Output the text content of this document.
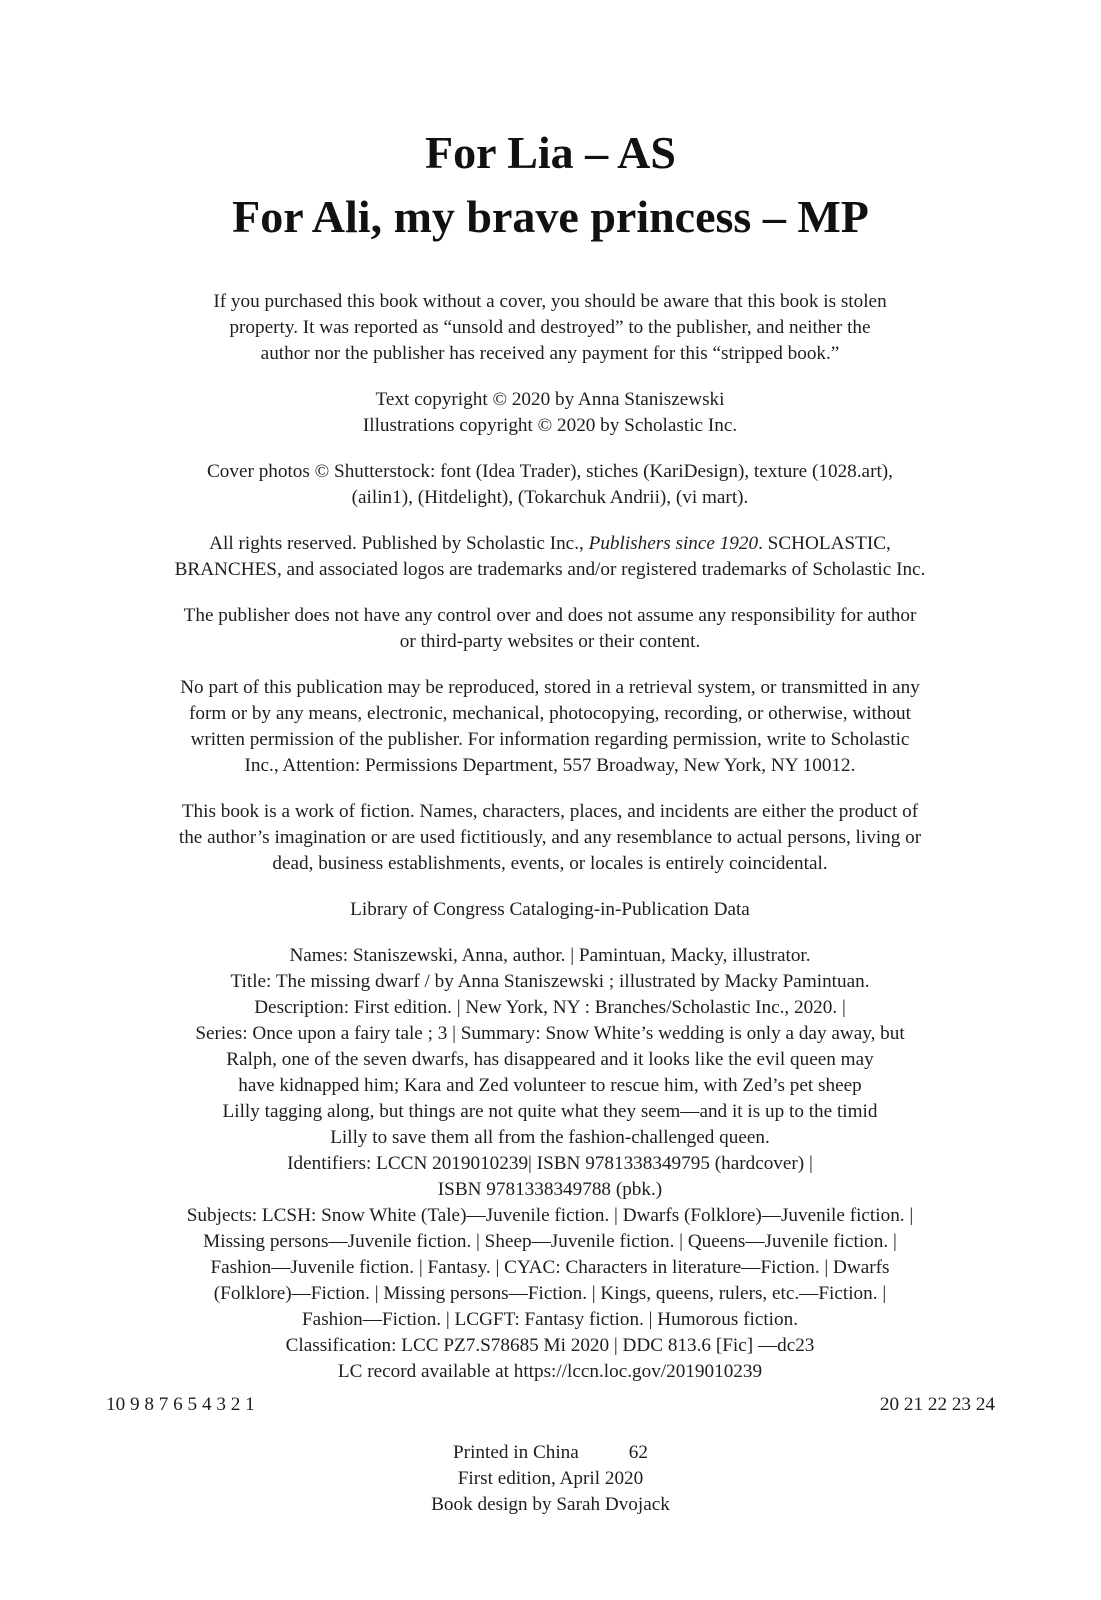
For Lia – AS
For Ali, my brave princess – MP

If you purchased this book without a cover, you should be aware that this book is stolen
property. It was reported as “unsold and destroyed” to the publisher, and neither the
author nor the publisher has received any payment for this “stripped book.”

Text copyright © 2020 by Anna Staniszewski
Illustrations copyright © 2020 by Scholastic Inc.

Cover photos © Shutterstock: font (Idea Trader), stiches (KariDesign), texture (1028.art),
(ailin1), (Hitdelight), (Tokarchuk Andrii), (vi mart).

All rights reserved. Published by Scholastic Inc., Publishers since 1920. SCHOLASTIC,
BRANCHES, and associated logos are trademarks and/or registered trademarks of Scholastic Inc.

The publisher does not have any control over and does not assume any responsibility for author
or third-party websites or their content.

No part of this publication may be reproduced, stored in a retrieval system, or transmitted in any
form or by any means, electronic, mechanical, photocopying, recording, or otherwise, without
written permission of the publisher. For information regarding permission, write to Scholastic
Inc., Attention: Permissions Department, 557 Broadway, New York, NY 10012.

This book is a work of fiction. Names, characters, places, and incidents are either the product of
the author’s imagination or are used fictitiously, and any resemblance to actual persons, living or
dead, business establishments, events, or locales is entirely coincidental.

Library of Congress Cataloging-in-Publication Data

Names: Staniszewski, Anna, author. | Pamintuan, Macky, illustrator.
Title: The missing dwarf / by Anna Staniszewski ; illustrated by Macky Pamintuan.
Description: First edition. | New York, NY : Branches/Scholastic Inc., 2020. |
Series: Once upon a fairy tale ; 3 | Summary: Snow White’s wedding is only a day away, but
Ralph, one of the seven dwarfs, has disappeared and it looks like the evil queen may
have kidnapped him; Kara and Zed volunteer to rescue him, with Zed’s pet sheep
Lilly tagging along, but things are not quite what they seem—and it is up to the timid
Lilly to save them all from the fashion-challenged queen.
Identifiers: LCCN 2019010239| ISBN 9781338349795 (hardcover) |
ISBN 9781338349788 (pbk.)
Subjects: LCSH: Snow White (Tale)—Juvenile fiction. | Dwarfs (Folklore)—Juvenile fiction. |
Missing persons—Juvenile fiction. | Sheep—Juvenile fiction. | Queens—Juvenile fiction. |
Fashion—Juvenile fiction. | Fantasy. | CYAC: Characters in literature—Fiction. | Dwarfs
(Folklore)—Fiction. | Missing persons—Fiction. | Kings, queens, rulers, etc.—Fiction. |
Fashion—Fiction. | LCGFT: Fantasy fiction. | Humorous fiction.
Classification: LCC PZ7.S78685 Mi 2020 | DDC 813.6 [Fic] —dc23
LC record available at https://lccn.loc.gov/2019010239

10 9 8 7 6 5 4 3 2 1	20 21 22 23 24
Printed in China	62
First edition, April 2020
Book design by Sarah Dvojack
